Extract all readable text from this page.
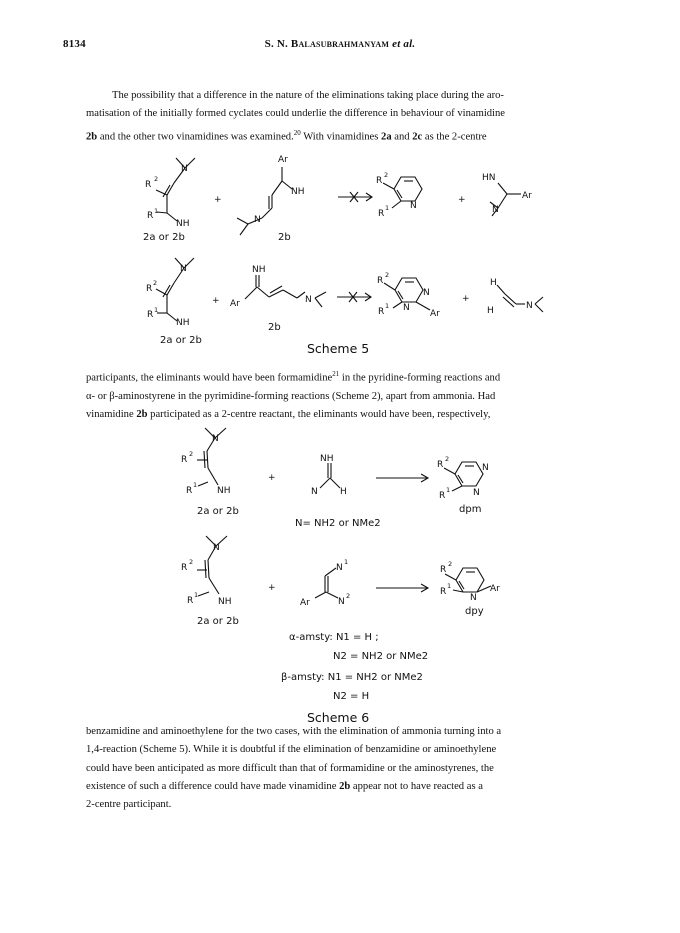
8134	S. N. Balasubrahmanyam et al.
The possibility that a difference in the nature of the eliminations taking place during the aro-
matisation of the initially formed cyclates could underlie the difference in behaviour of vinamidine
2b and the other two vinamidines was examined.$^{20}$ With vinamidines 2a and 2c as the 2-centre
N
R
2
R 1
NH
2a or 2b
+
Ar
NH
N
2b
R
2
R
1 N
+
HN
Ar
N
N
R
2
R 1
NH
2a or 2b
+
NH
Ar	N
2b
R
2
R
1
N
N
Ar
+
H
H	N
Scheme 5
participants, the eliminants would have been formamidine$^{21}$ in the pyridine-forming reactions and
α- or β-aminostyrene in the pyrimidine-forming reactions (Scheme 2), apart from ammonia. Had
vinamidine 2b participated as a 2-centre reactant, the eliminants would have been, respectively,
N
R
2
R
1
NH
2a or 2b
+
NH
N H
N= NH2 or NMe2
R
2
R
1
N
N
dpm
N
R
2
R
1
NH
2a or 2b
+
N
1
Ar	N
2
R
2
R
1
N
Ar
dpy
α-amsty: N1 = H ;
N2 = NH2 or NMe2
β-amsty: N1 = NH2 or NMe2
N2 = H
Scheme 6
benzamidine and aminoethylene for the two cases, with the elimination of ammonia turning into a
1,4-reaction (Scheme 5). While it is doubtful if the elimination of benzamidine or aminoethylene
could have been anticipated as more difficult than that of formamidine or the aminostyrenes, the
existence of such a difference could have made vinamidine 2b appear not to have reacted as a
2-centre participant.
